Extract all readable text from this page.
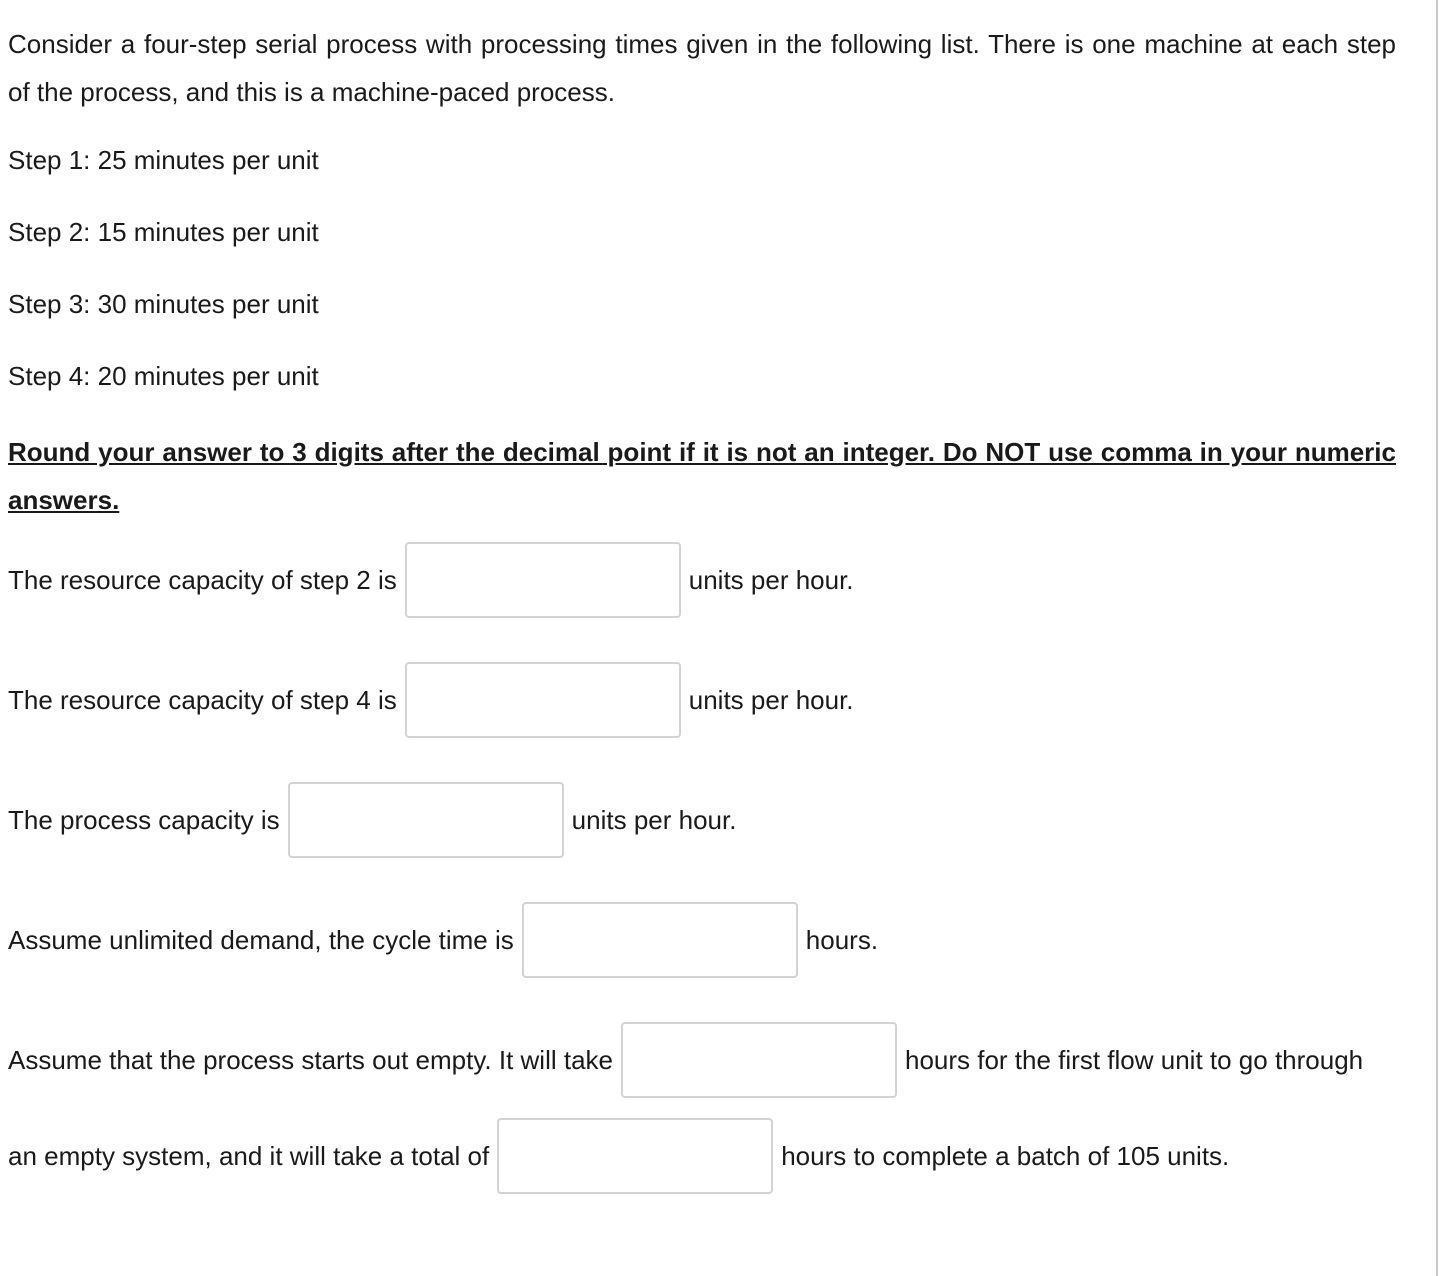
Consider a four-step serial process with processing times given in the following list. There is one machine at each step of the process, and this is a machine-paced process.

Step 1: 25 minutes per unit

Step 2: 15 minutes per unit

Step 3: 30 minutes per unit

Step 4: 20 minutes per unit

Round your answer to 3 digits after the decimal point if it is not an integer. Do NOT use comma in your numeric answers.

The resource capacity of step 2 is	units per hour.
The resource capacity of step 4 is	units per hour.
The process capacity is	units per hour.
Assume unlimited demand, the cycle time is	hours.
Assume that the process starts out empty. It will take	hours for the first flow unit to go through
an empty system, and it will take a total of	hours to complete a batch of 105 units.
